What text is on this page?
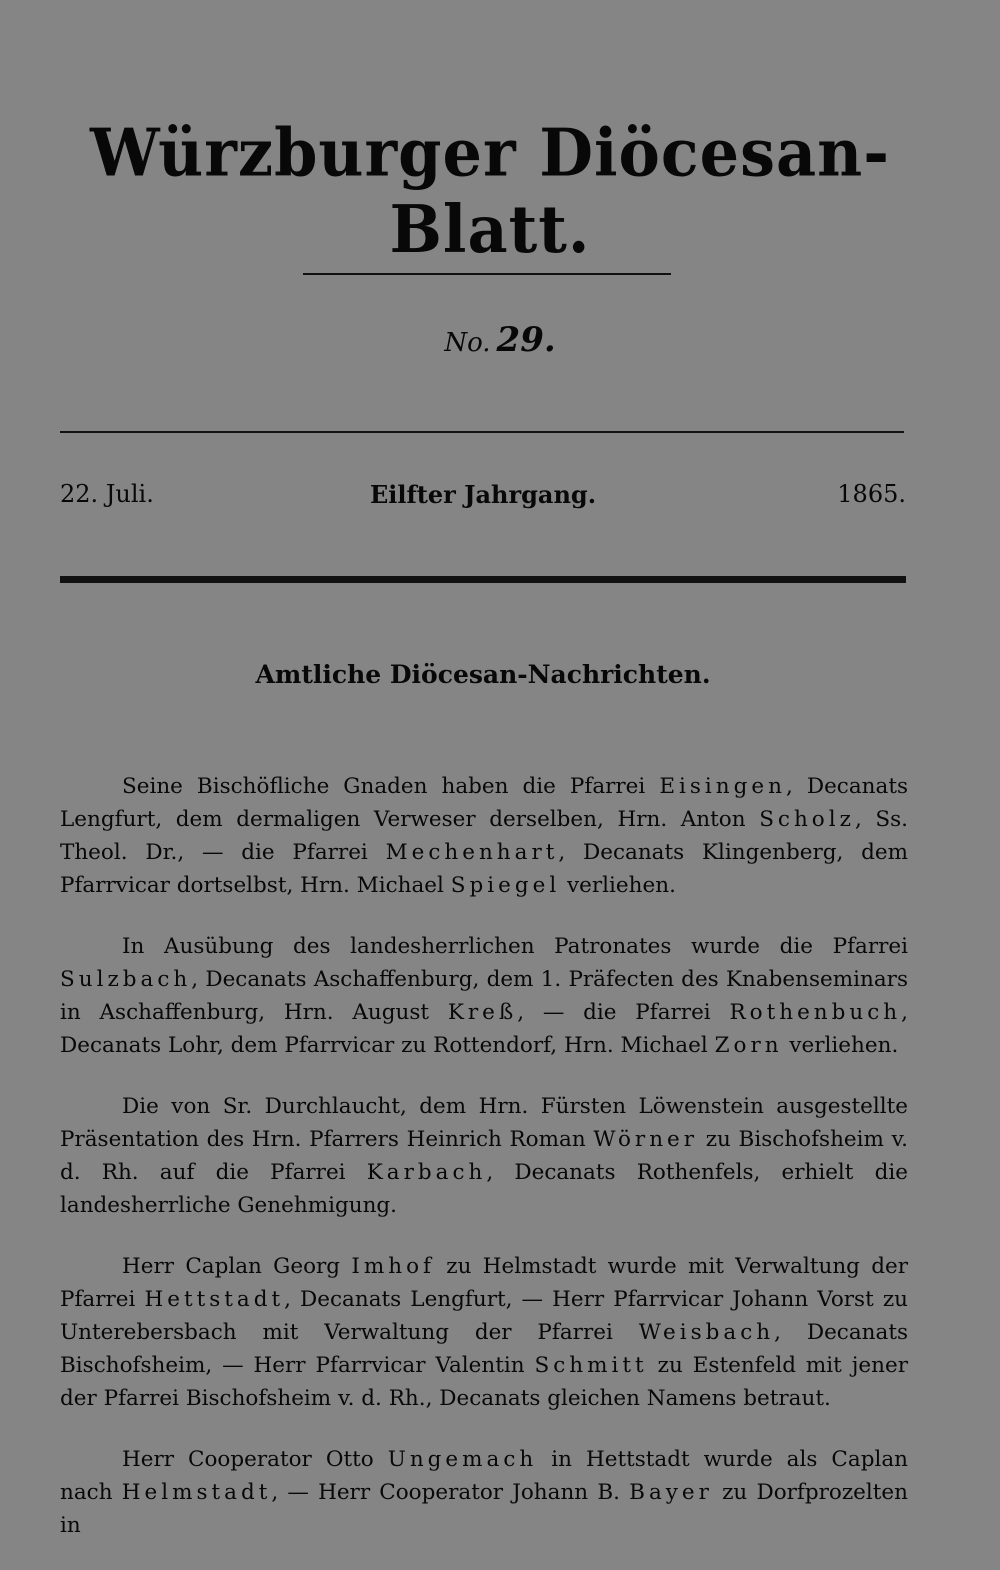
Würzburger Diöcesan-Blatt.
No. 29.
22. Juli.	Eilfter Jahrgang.	1865.
Amtliche Diöcesan-Nachrichten.

Seine Bischöfliche Gnaden haben die Pfarrei Eisingen, Decanats Lengfurt, dem dermaligen Verweser derselben, Hrn. Anton Scholz, Ss. Theol. Dr., — die Pfarrei Mechenhart, Decanats Klingenberg, dem Pfarrvicar dortselbst, Hrn. Michael Spiegel verliehen.

In Ausübung des landesherrlichen Patronates wurde die Pfarrei Sulzbach, Decanats Aschaffenburg, dem 1. Präfecten des Knabenseminars in Aschaffenburg, Hrn. August Kreß, — die Pfarrei Rothenbuch, Decanats Lohr, dem Pfarrvicar zu Rottendorf, Hrn. Michael Zorn verliehen.

Die von Sr. Durchlaucht, dem Hrn. Fürsten Löwenstein ausgestellte Präsentation des Hrn. Pfarrers Heinrich Roman Wörner zu Bischofsheim v. d. Rh. auf die Pfarrei Karbach, Decanats Rothenfels, erhielt die landesherrliche Genehmigung.

Herr Caplan Georg Imhof zu Helmstadt wurde mit Verwaltung der Pfarrei Hettstadt, Decanats Lengfurt, — Herr Pfarrvicar Johann Vorst zu Unterebersbach mit Verwaltung der Pfarrei Weisbach, Decanats Bischofsheim, — Herr Pfarrvicar Valentin Schmitt zu Estenfeld mit jener der Pfarrei Bischofsheim v. d. Rh., Decanats gleichen Namens betraut.

Herr Cooperator Otto Ungemach in Hettstadt wurde als Caplan nach Helmstadt, — Herr Cooperator Johann B. Bayer zu Dorfprozelten in
